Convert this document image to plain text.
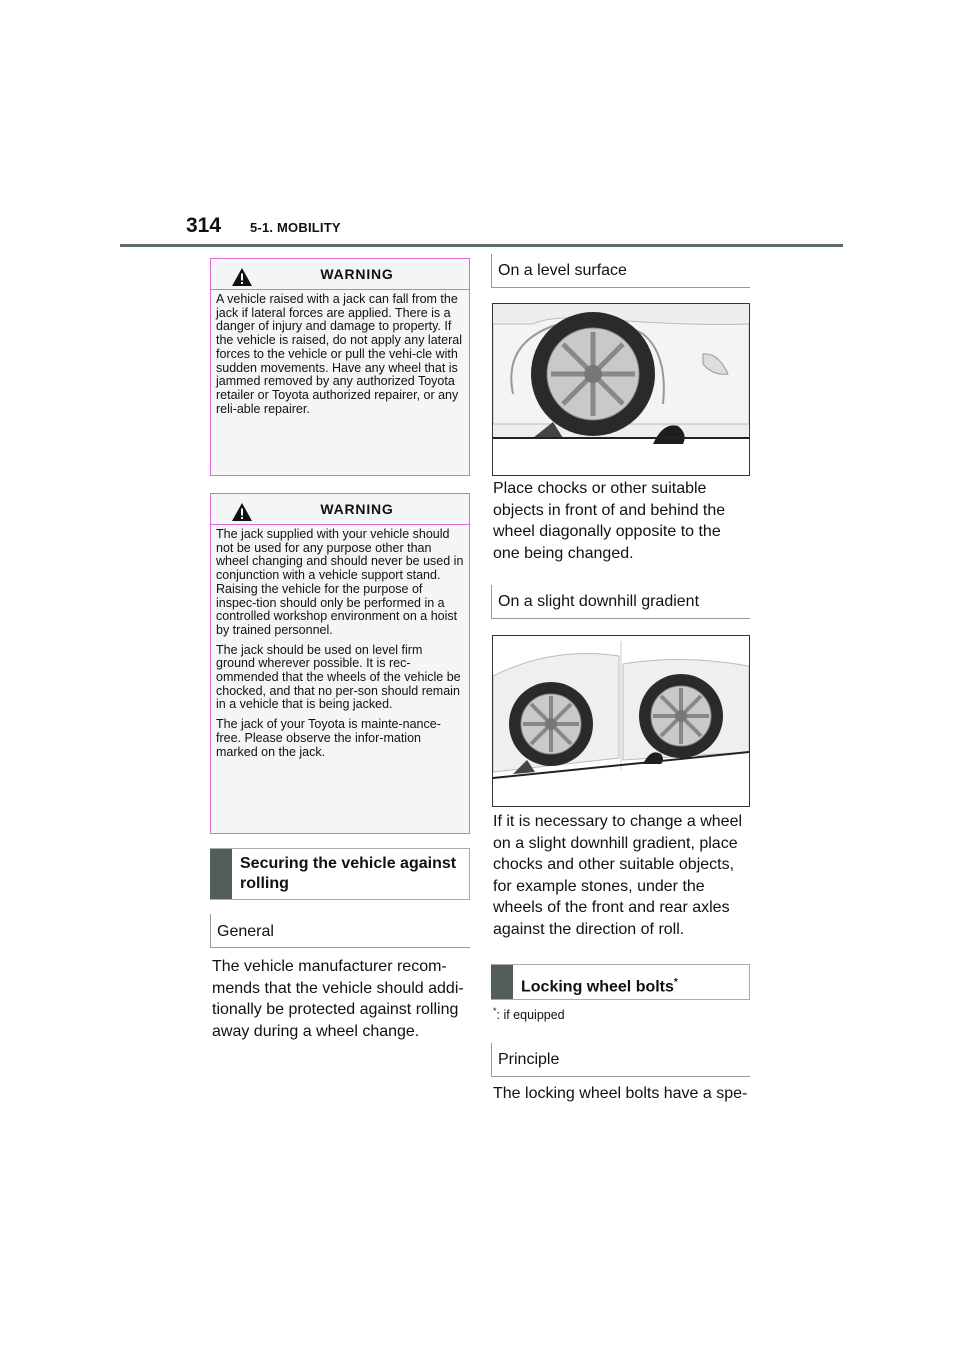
314 5-1. MOBILITY
WARNING

A vehicle raised with a jack can fall from the jack if lateral forces are applied. There is a danger of injury and damage to property. If the vehicle is raised, do not apply any lateral forces to the vehicle or pull the vehi-cle with sudden movements. Have any wheel that is jammed removed by any authorized Toyota retailer or Toyota authorized repairer, or any reli-able repairer.

WARNING

The jack supplied with your vehicle should not be used for any purpose other than wheel changing and should never be used in conjunction with a vehicle support stand. Raising the vehicle for the purpose of inspec-tion should only be performed in a controlled workshop environment on a hoist by trained personnel.

The jack should be used on level firm ground wherever possible. It is rec-ommended that the wheels of the vehicle be chocked, and that no per-son should remain in a vehicle that is being jacked.

The jack of your Toyota is mainte-nance-free. Please observe the infor-mation marked on the jack.

Securing the vehicle against rolling
General
The vehicle manufacturer recom-mends that the vehicle should addi-tionally be protected against rolling away during a wheel change.
On a level surface
Place chocks or other suitable objects in front of and behind the wheel diagonally opposite to the one being changed.
On a slight downhill gradient
If it is necessary to change a wheel on a slight downhill gradient, place chocks and other suitable objects, for example stones, under the wheels of the front and rear axles against the direction of roll.
Locking wheel bolts*
*: if equipped
Principle
The locking wheel bolts have a spe-
